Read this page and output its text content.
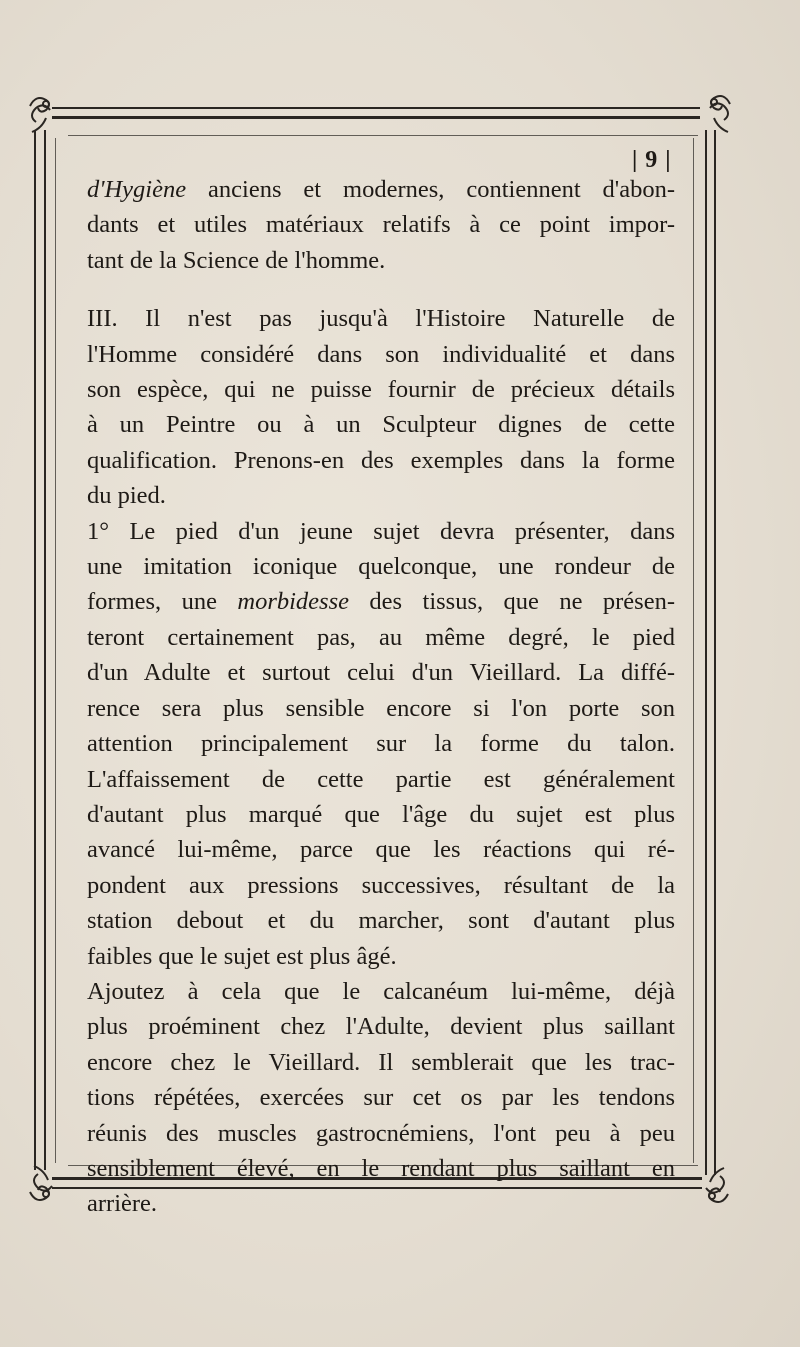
| 9 |

d'Hygiène anciens et modernes, contiennent d'abon-
dants et utiles matériaux relatifs à ce point impor-
tant de la Science de l'homme.

III. Il n'est pas jusqu'à l'Histoire Naturelle de
l'Homme considéré dans son individualité et dans
son espèce, qui ne puisse fournir de précieux détails
à un Peintre ou à un Sculpteur dignes de cette
qualification. Prenons-en des exemples dans la forme
du pied.

1° Le pied d'un jeune sujet devra présenter, dans
une imitation iconique quelconque, une rondeur de
formes, une morbidesse des tissus, que ne présen-
teront certainement pas, au même degré, le pied
d'un Adulte et surtout celui d'un Vieillard. La diffé-
rence sera plus sensible encore si l'on porte son
attention principalement sur la forme du talon.
L'affaissement de cette partie est généralement
d'autant plus marqué que l'âge du sujet est plus
avancé lui-même, parce que les réactions qui ré-
pondent aux pressions successives, résultant de la
station debout et du marcher, sont d'autant plus
faibles que le sujet est plus âgé.

Ajoutez à cela que le calcanéum lui-même, déjà
plus proéminent chez l'Adulte, devient plus saillant
encore chez le Vieillard. Il semblerait que les trac-
tions répétées, exercées sur cet os par les tendons
réunis des muscles gastrocnémiens, l'ont peu à peu
sensiblement élevé, en le rendant plus saillant en
arrière.
